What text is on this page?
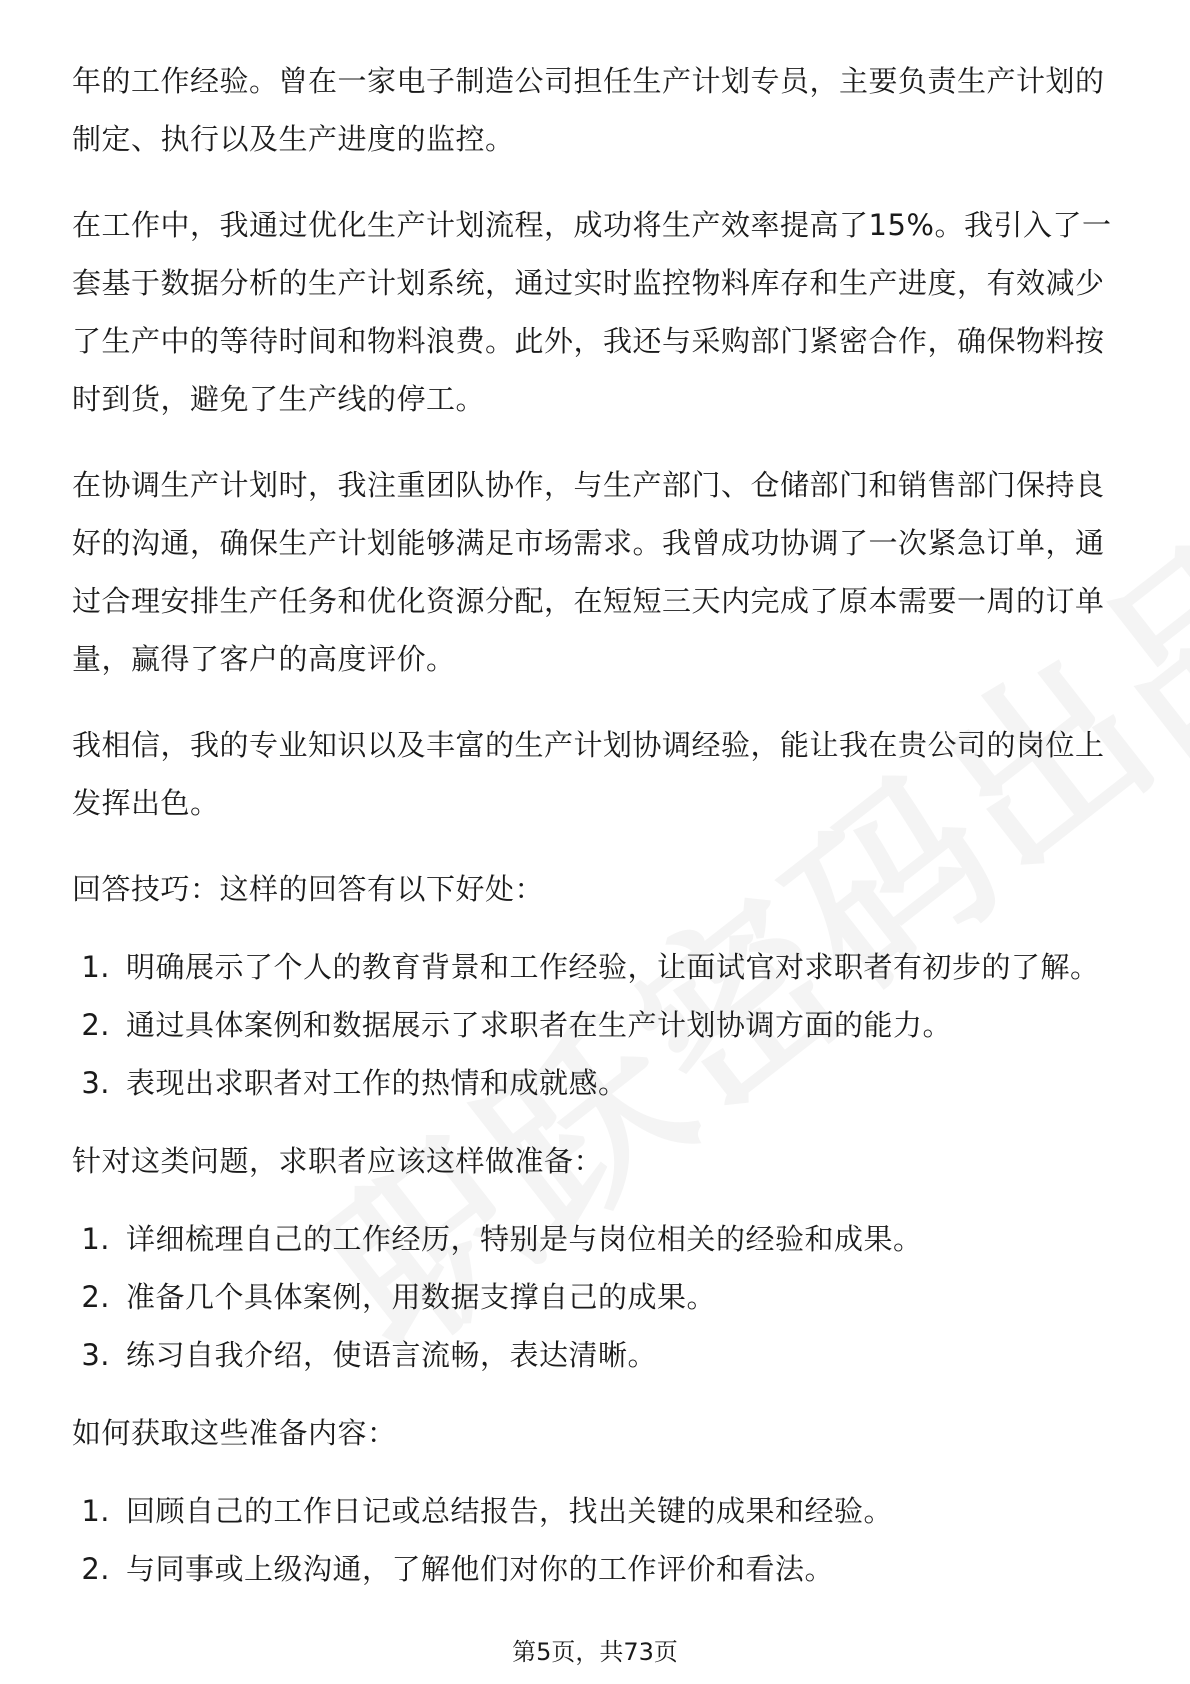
年的工作经验。曾在一家电子制造公司担任生产计划专员，主要负责生产计划的制定、执行以及生产进度的监控。

在工作中，我通过优化生产计划流程，成功将生产效率提高了15%。我引入了一套基于数据分析的生产计划系统，通过实时监控物料库存和生产进度，有效减少了生产中的等待时间和物料浪费。此外，我还与采购部门紧密合作，确保物料按时到货，避免了生产线的停工。

在协调生产计划时，我注重团队协作，与生产部门、仓储部门和销售部门保持良好的沟通，确保生产计划能够满足市场需求。我曾成功协调了一次紧急订单，通过合理安排生产任务和优化资源分配，在短短三天内完成了原本需要一周的订单量，赢得了客户的高度评价。

我相信，我的专业知识以及丰富的生产计划协调经验，能让我在贵公司的岗位上发挥出色。

回答技巧：这样的回答有以下好处：

1. 明确展示了个人的教育背景和工作经验，让面试官对求职者有初步的了解。
2. 通过具体案例和数据展示了求职者在生产计划协调方面的能力。
3. 表现出求职者对工作的热情和成就感。

针对这类问题，求职者应该这样做准备：

1. 详细梳理自己的工作经历，特别是与岗位相关的经验和成果。
2. 准备几个具体案例，用数据支撑自己的成果。
3. 练习自我介绍，使语言流畅，表达清晰。

如何获取这些准备内容：

1. 回顾自己的工作日记或总结报告，找出关键的成果和经验。
2. 与同事或上级沟通，了解他们对你的工作评价和看法。
第5页，共73页
